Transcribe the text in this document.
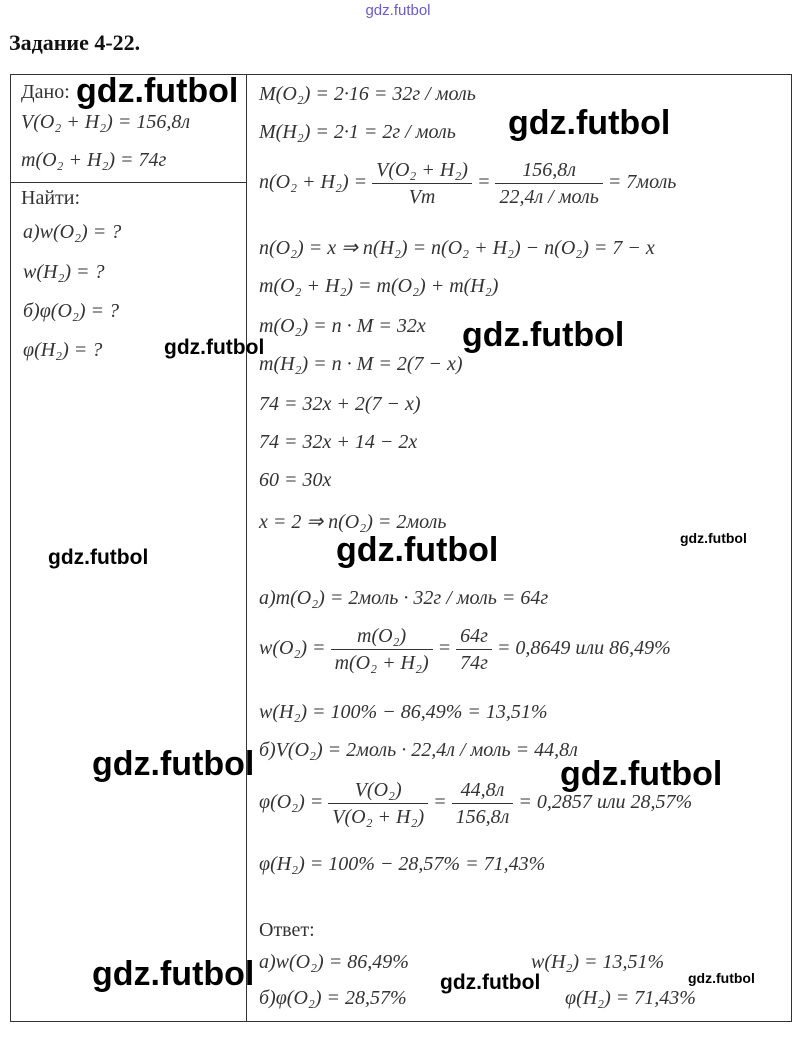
gdz.futbol
Задание 4-22.
Дано:
V(O₂ + H₂) = 156,8л
m(O₂ + H₂) = 74г
Найти:
а)w(O₂) = ?
w(H₂) = ?
б)φ(O₂) = ?
φ(H₂) = ?
M(O₂) = 2·16 = 32г / моль
M(H₂) = 2·1 = 2г / моль
$n(O_2 + H_2) = \frac{\text{V(O₂ + H₂)}}{Vm} = \frac{156,8л}{\text{22,4л / моль}}$ = 7моль
n(O₂) = x ⇒ n(H₂) = n(O₂ + H₂) − n(O₂) = 7 − x
m(O₂ + H₂) = m(O₂) + m(H₂)
m(O₂) = n · M = 32x
m(H₂) = n · M = 2(7 − x)
74 = 32x + 2(7 − x)
74 = 32x + 14 − 2x
60 = 30x
x = 2 ⇒ n(O₂) = 2моль
а)m(O₂) = 2моль · 32г / моль = 64г
$w(O_2) = \frac{\text{m(O₂)}}{\text{m(O₂ + H₂)}} = \frac{64г}{74г} = 0,8649$ или 86,49%
w(H₂) = 100% − 86,49% = 13,51%
б)V(O₂) = 2моль · 22,4л / моль = 44,8л
$\varphi(O_2) = \frac{\text{V(O₂)}}{\text{V(O₂ + H₂)}} = \frac{44,8л}{156,8л} = 0,2857$ или 28,57%
φ(H₂) = 100% − 28,57% = 71,43%
Ответ:
а)w(O₂) = 86,49%	w(H₂) = 13,51%
б)φ(O₂) = 28,57%	φ(H₂) = 71,43%
gdz.futbol
gdz.futbol
gdz.futbol
gdz.futbol
gdz.futbol
gdz.futbol
gdz.futbol
gdz.futbol	gdz.futbol
gdz.futbol	gdz.futbol	gdz.futbol
